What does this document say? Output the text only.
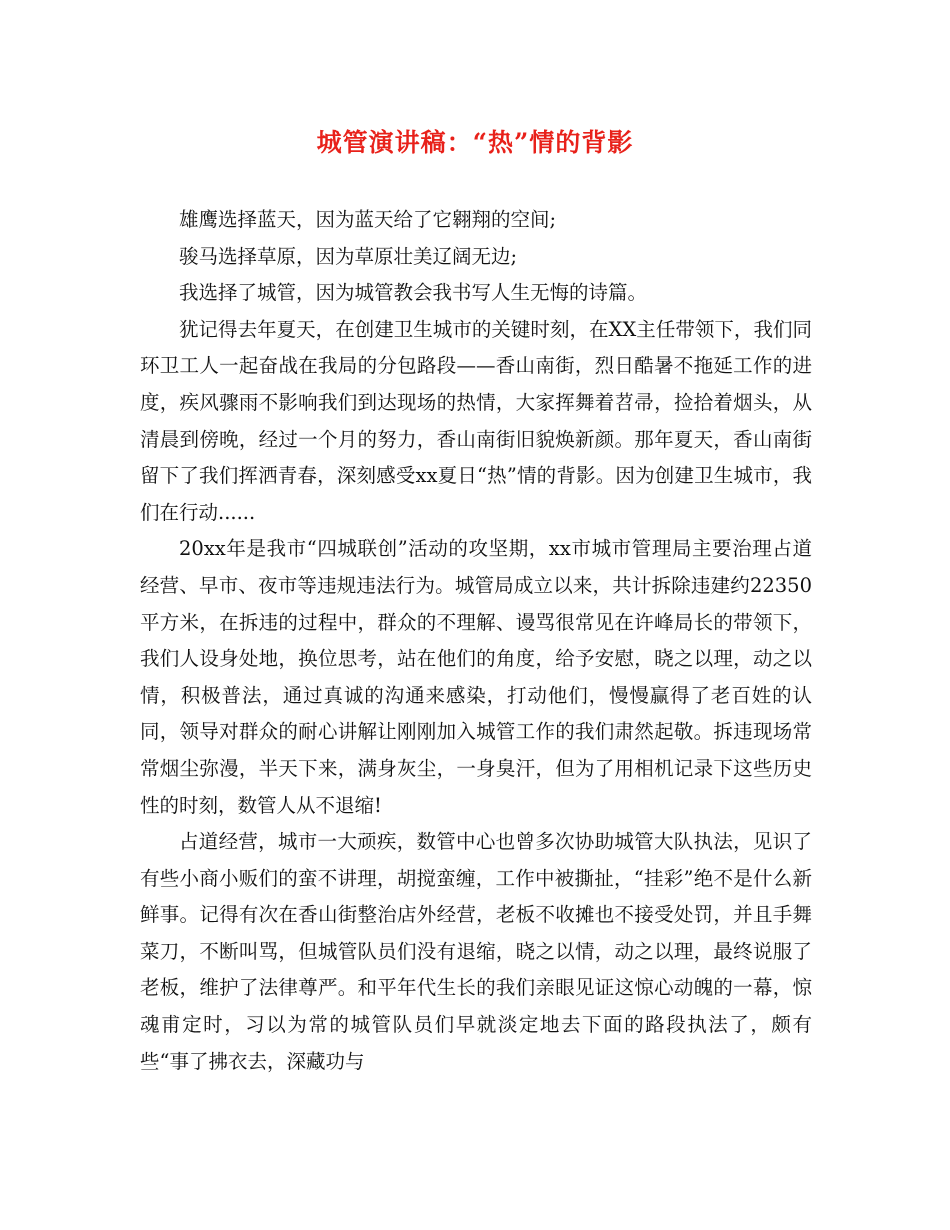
城管演讲稿：“热”情的背影

雄鹰选择蓝天，因为蓝天给了它翱翔的空间;

骏马选择草原，因为草原壮美辽阔无边;

我选择了城管，因为城管教会我书写人生无悔的诗篇。

犹记得去年夏天，在创建卫生城市的关键时刻，在XX主任带领下，我们同环卫工人一起奋战在我局的分包路段——香山南街，烈日酷暑不拖延工作的进度，疾风骤雨不影响我们到达现场的热情，大家挥舞着苕帚，捡拾着烟头，从清晨到傍晚，经过一个月的努力，香山南街旧貌焕新颜。那年夏天，香山南街留下了我们挥洒青春，深刻感受xx夏日“热”情的背影。因为创建卫生城市，我们在行动......

20xx年是我市“四城联创”活动的攻坚期，xx市城市管理局主要治理占道经营、早市、夜市等违规违法行为。城管局成立以来，共计拆除违建约22350平方米，在拆违的过程中，群众的不理解、谩骂很常见在许峰局长的带领下，我们人设身处地，换位思考，站在他们的角度，给予安慰，晓之以理，动之以情，积极普法，通过真诚的沟通来感染，打动他们，慢慢赢得了老百姓的认同，领导对群众的耐心讲解让刚刚加入城管工作的我们肃然起敬。拆违现场常常烟尘弥漫，半天下来，满身灰尘，一身臭汗，但为了用相机记录下这些历史性的时刻，数管人从不退缩!

占道经营，城市一大顽疾，数管中心也曾多次协助城管大队执法，见识了有些小商小贩们的蛮不讲理，胡搅蛮缠，工作中被撕扯，“挂彩”绝不是什么新鲜事。记得有次在香山街整治店外经营，老板不收摊也不接受处罚，并且手舞菜刀，不断叫骂，但城管队员们没有退缩，晓之以情，动之以理，最终说服了老板，维护了法律尊严。和平年代生长的我们亲眼见证这惊心动魄的一幕，惊魂甫定时，习以为常的城管队员们早就淡定地去下面的路段执法了，颇有些“事了拂衣去，深藏功与
